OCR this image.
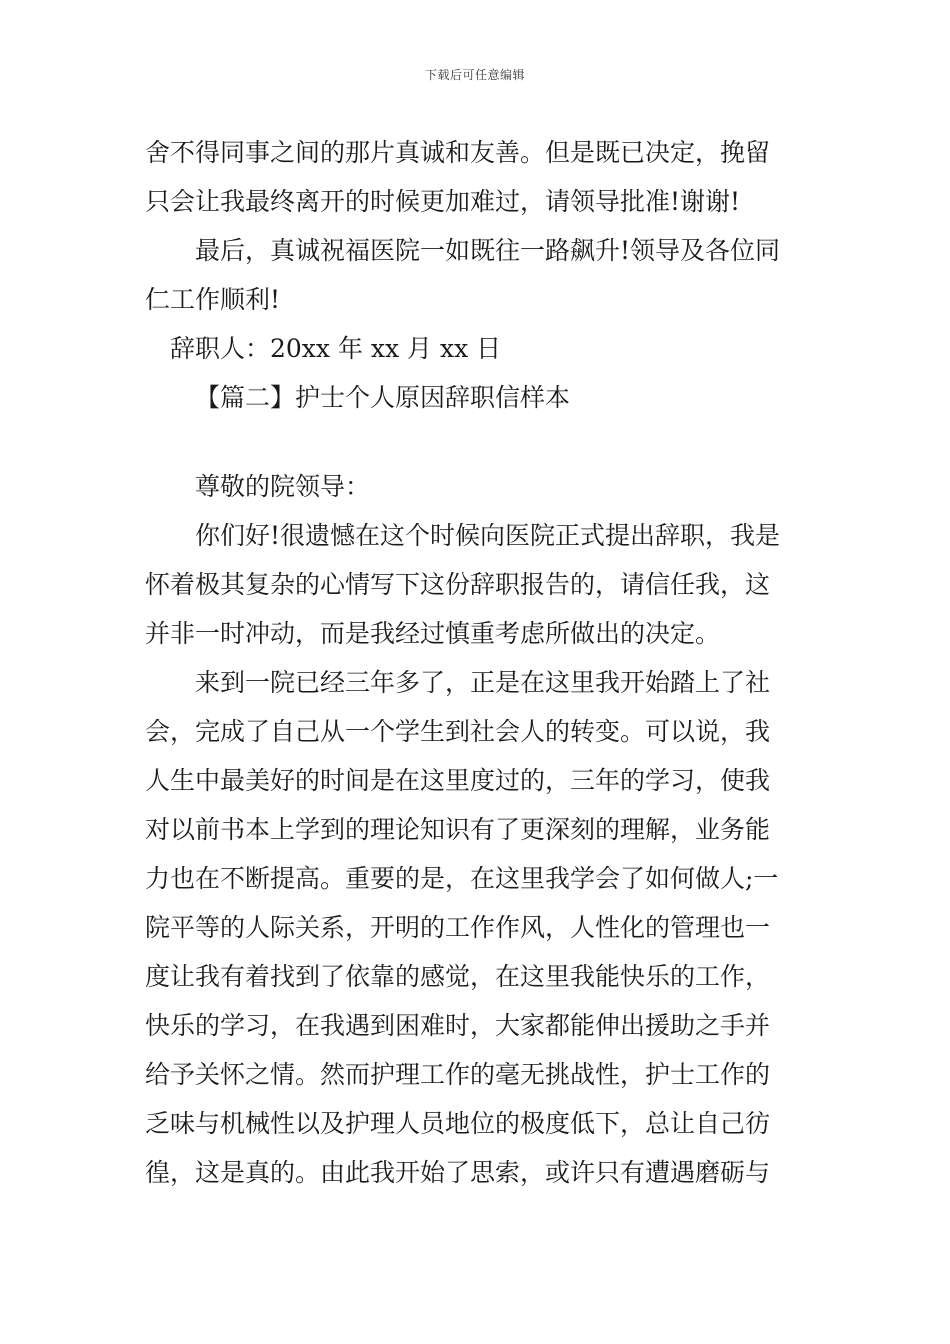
下载后可任意编辑
舍不得同事之间的那片真诚和友善。但是既已决定，挽留
只会让我最终离开的时候更加难过，请领导批准!谢谢!
最后，真诚祝福医院一如既往一路飙升!领导及各位同
仁工作顺利!
辞职人：20xx 年 xx 月 xx 日
【篇二】护士个人原因辞职信样本
尊敬的院领导：
你们好!很遗憾在这个时候向医院正式提出辞职，我是
怀着极其复杂的心情写下这份辞职报告的，请信任我，这
并非一时冲动，而是我经过慎重考虑所做出的决定。
来到一院已经三年多了，正是在这里我开始踏上了社
会，完成了自己从一个学生到社会人的转变。可以说，我
人生中最美好的时间是在这里度过的，三年的学习，使我
对以前书本上学到的理论知识有了更深刻的理解，业务能
力也在不断提高。重要的是，在这里我学会了如何做人;一
院平等的人际关系，开明的工作作风，人性化的管理也一
度让我有着找到了依靠的感觉，在这里我能快乐的工作，
快乐的学习，在我遇到困难时，大家都能伸出援助之手并
给予关怀之情。然而护理工作的毫无挑战性，护士工作的
乏味与机械性以及护理人员地位的极度低下，总让自己彷
徨，这是真的。由此我开始了思索，或许只有遭遇磨砺与
